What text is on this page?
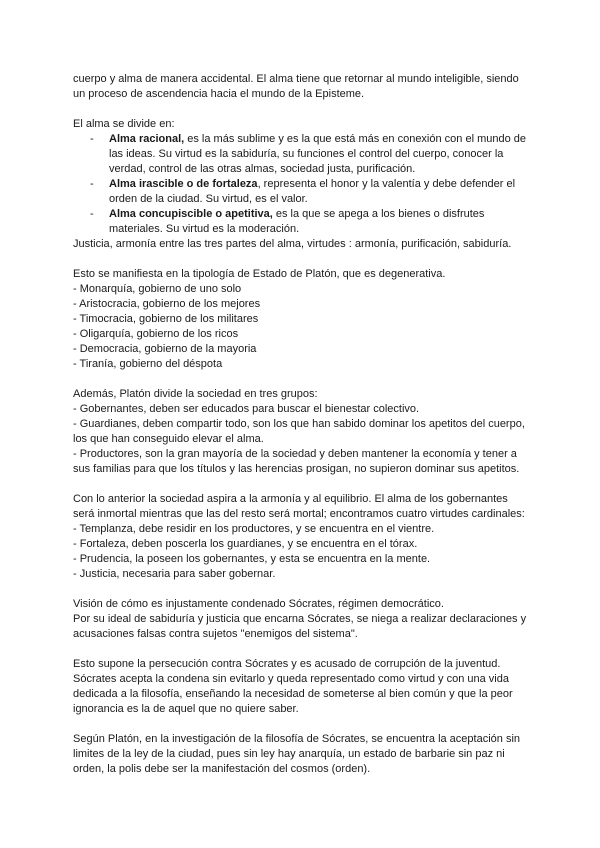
cuerpo y alma de manera accidental. El alma tiene que retornar al mundo inteligible, siendo un proceso de ascendencia hacia el mundo de la Episteme.

El alma se divide en:

- Alma racional, es la más sublime y es la que está más en conexión con el mundo de las ideas. Su virtud es la sabiduría, su funciones el control del cuerpo, conocer la verdad, control de las otras almas, sociedad justa, purificación.
- Alma irascible o de fortaleza, representa el honor y la valentía y debe defender el orden de la ciudad. Su virtud, es el valor.
- Alma concupiscible o apetitiva, es la que se apega a los bienes o disfrutes materiales. Su virtud es la moderación.

Justicia, armonía entre las tres partes del alma, virtudes : armonía, purificación, sabiduría.

Esto se manifiesta en la tipología de Estado de Platón, que es degenerativa.

- Monarquía, gobierno de uno solo

- Aristocracia, gobierno de los mejores

- Timocracia, gobierno de los militares

- Oligarquía, gobierno de los ricos

- Democracia, gobierno de la mayoria

- Tiranía, gobierno del déspota

Además, Platón divide la sociedad en tres grupos:

- Gobernantes, deben ser educados para buscar el bienestar colectivo.

- Guardianes, deben compartir todo, son los que han sabido dominar los apetitos del cuerpo, los que han conseguido elevar el alma.

- Productores, son la gran mayoría de la sociedad y deben mantener la economía y tener a sus familias para que los títulos y las herencias prosigan, no supieron dominar sus apetitos.

Con lo anterior la sociedad aspira a la armonía y al equilibrio. El alma de los gobernantes será inmortal mientras que las del resto será mortal; encontramos cuatro virtudes cardinales:

- Templanza, debe residir en los productores, y se encuentra en el vientre.

- Fortaleza, deben poscerla los guardianes, y se encuentra en el tórax.

- Prudencia, la poseen los gobernantes, y esta se encuentra en la mente.

- Justicia, necesaria para saber gobernar.

Visión de cómo es injustamente condenado Sócrates, régimen democrático.

Por su ideal de sabiduría y justicia que encarna Sócrates, se niega a realizar declaraciones y acusaciones falsas contra sujetos "enemigos del sistema".

Esto supone la persecución contra Sócrates y es acusado de corrupción de la juventud. Sócrates acepta la condena sin evitarlo y queda representado como virtud y con una vida dedicada a la filosofía, enseñando la necesidad de someterse al bien común y que la peor ignorancia es la de aquel que no quiere saber.

Según Platón, en la investigación de la filosofía de Sócrates, se encuentra la aceptación sin limites de la ley de la ciudad, pues sin ley hay anarquía, un estado de barbarie sin paz ni orden, la polis debe ser la manifestación del cosmos (orden).
